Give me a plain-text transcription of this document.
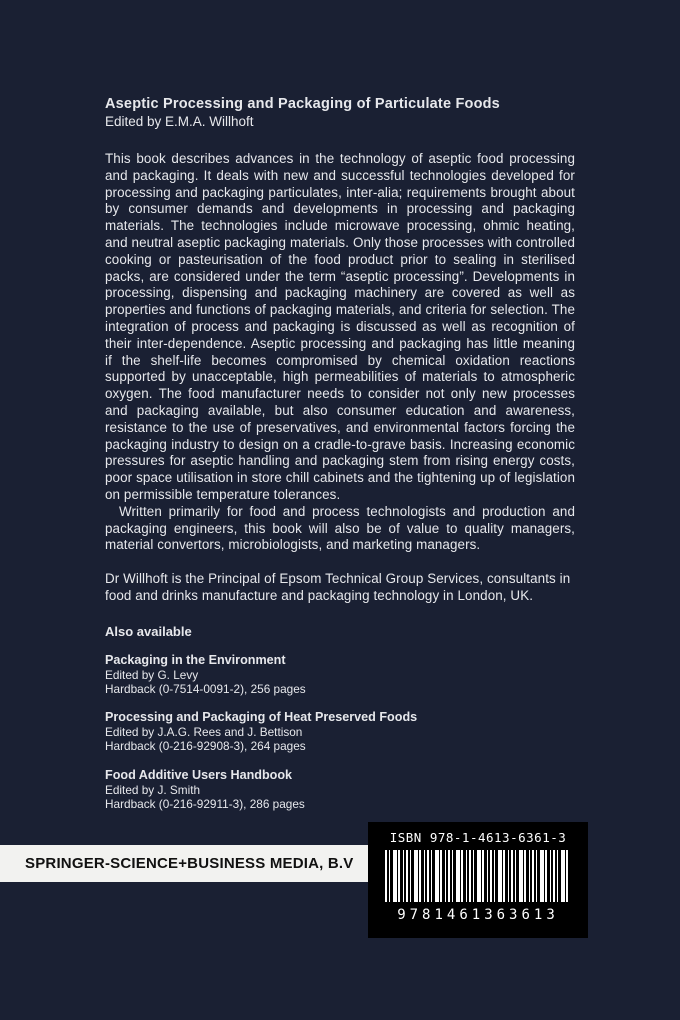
Aseptic Processing and Packaging of Particulate Foods
Edited by E.M.A. Willhoft

This book describes advances in the technology of aseptic food processing and packaging. It deals with new and successful technologies developed for processing and packaging particulates, inter-alia; requirements brought about by consumer demands and developments in processing and packaging materials. The technologies include microwave processing, ohmic heating, and neutral aseptic packaging materials. Only those processes with controlled cooking or pasteurisation of the food product prior to sealing in sterilised packs, are considered under the term “aseptic processing”. Developments in processing, dispensing and packaging machinery are covered as well as properties and functions of packaging materials, and criteria for selection. The integration of process and packaging is discussed as well as recognition of their inter-dependence. Aseptic processing and packaging has little meaning if the shelf-life becomes compromised by chemical oxidation reactions supported by unacceptable, high permeabilities of materials to atmospheric oxygen. The food manufacturer needs to consider not only new processes and packaging available, but also consumer education and awareness, resistance to the use of preservatives, and environmental factors forcing the packaging industry to design on a cradle-to-grave basis. Increasing economic pressures for aseptic handling and packaging stem from rising energy costs, poor space utilisation in store chill cabinets and the tightening up of legislation on permissible temperature tolerances.

Written primarily for food and process technologists and production and packaging engineers, this book will also be of value to quality managers, material convertors, microbiologists, and marketing managers.

Dr Willhoft is the Principal of Epsom Technical Group Services, consultants in food and drinks manufacture and packaging technology in London, UK.

Also available
Packaging in the Environment
Edited by G. Levy
Hardback (0-7514-0091-2), 256 pages
Processing and Packaging of Heat Preserved Foods
Edited by J.A.G. Rees and J. Bettison
Hardback (0-216-92908-3), 264 pages
Food Additive Users Handbook
Edited by J. Smith
Hardback (0-216-92911-3), 286 pages
SPRINGER-SCIENCE+BUSINESS MEDIA, B.V
ISBN 978-1-4613-6361-3
9781461363613
